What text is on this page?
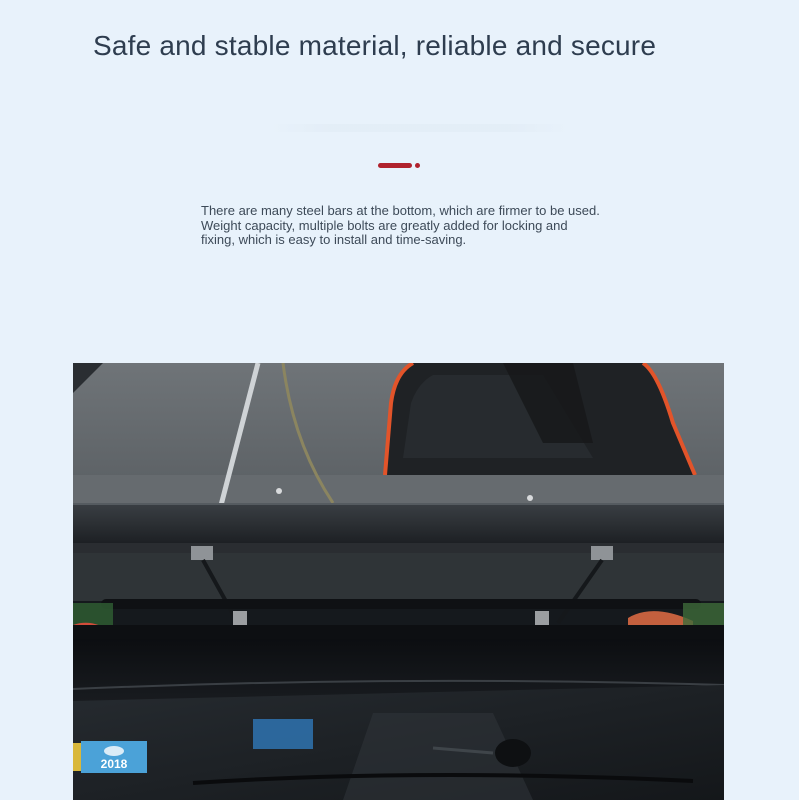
Safe and stable material, reliable and secure
There are many steel bars at the bottom, which are firmer to be used. Weight capacity, multiple bolts are greatly added for locking and fixing, which is easy to install and time-saving.
2018
